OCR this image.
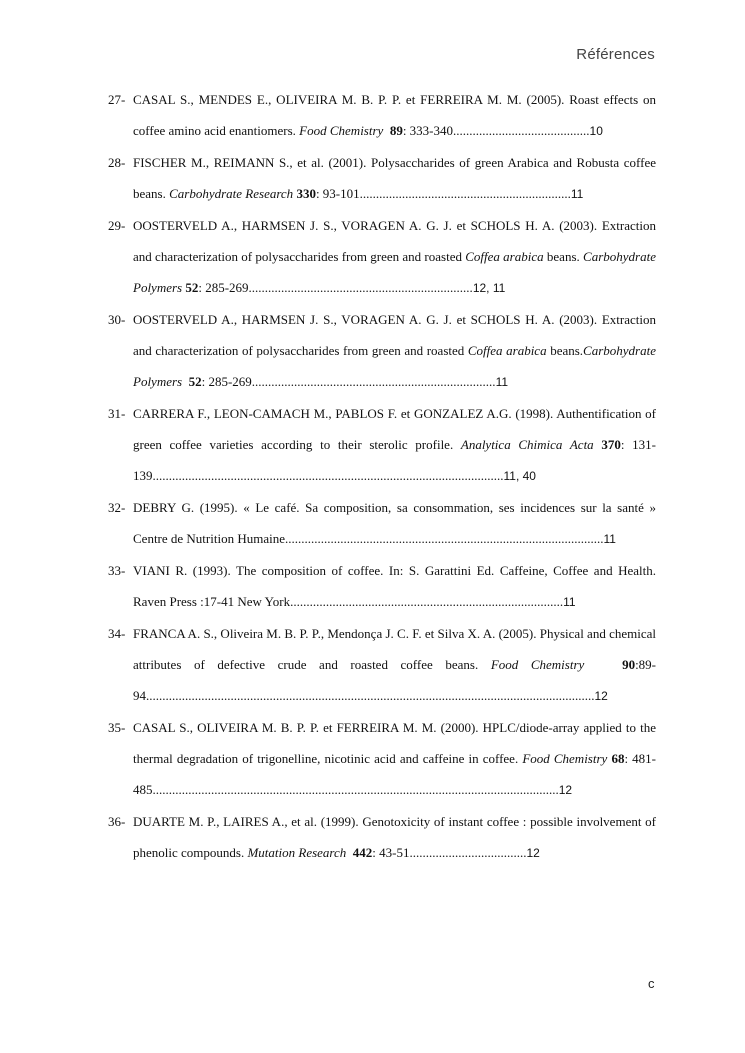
Références
27- CASAL S., MENDES E., OLIVEIRA M. B. P. P. et FERREIRA M. M. (2005). Roast effects on coffee amino acid enantiomers. Food Chemistry 89: 333-340..........................................10
28- FISCHER M., REIMANN S., et al. (2001). Polysaccharides of green Arabica and Robusta coffee beans. Carbohydrate Research 330: 93-101.................................................................11
29- OOSTERVELD A., HARMSEN J. S., VORAGEN A. G. J. et SCHOLS H. A. (2003). Extraction and characterization of polysaccharides from green and roasted Coffea arabica beans. Carbohydrate Polymers 52: 285-269.....................................................................12, 11
30- OOSTERVELD A., HARMSEN J. S., VORAGEN A. G. J. et SCHOLS H. A. (2003). Extraction and characterization of polysaccharides from green and roasted Coffea arabica beans.Carbohydrate Polymers 52: 285-269...........................................................................11
31- CARRERA F., LEON-CAMACH M., PABLOS F. et GONZALEZ A.G. (1998). Authentification of green coffee varieties according to their sterolic profile. Analytica Chimica Acta 370: 131-139............................................................................................................11, 40
32- DEBRY G. (1995). « Le café. Sa composition, sa consommation, ses incidences sur la santé » Centre de Nutrition Humaine..................................................................................................11
33- VIANI R. (1993). The composition of coffee. In: S. Garattini Ed. Caffeine, Coffee and Health. Raven Press :17-41 New York....................................................................................11
34- FRANCA A. S., Oliveira M. B. P. P., Mendonça J. C. F. et Silva X. A. (2005). Physical and chemical attributes of defective crude and roasted coffee beans. Food Chemistry	90:89-94..........................................................................................................................................12
35- CASAL S., OLIVEIRA M. B. P. P. et FERREIRA M. M. (2000). HPLC/diode-array applied to the thermal degradation of trigonelline, nicotinic acid and caffeine in coffee. Food Chemistry 68: 481-485.............................................................................................................................12
36- DUARTE M. P., LAIRES A., et al. (1999). Genotoxicity of instant coffee : possible involvement of phenolic compounds. Mutation Research 442: 43-51....................................12
c
